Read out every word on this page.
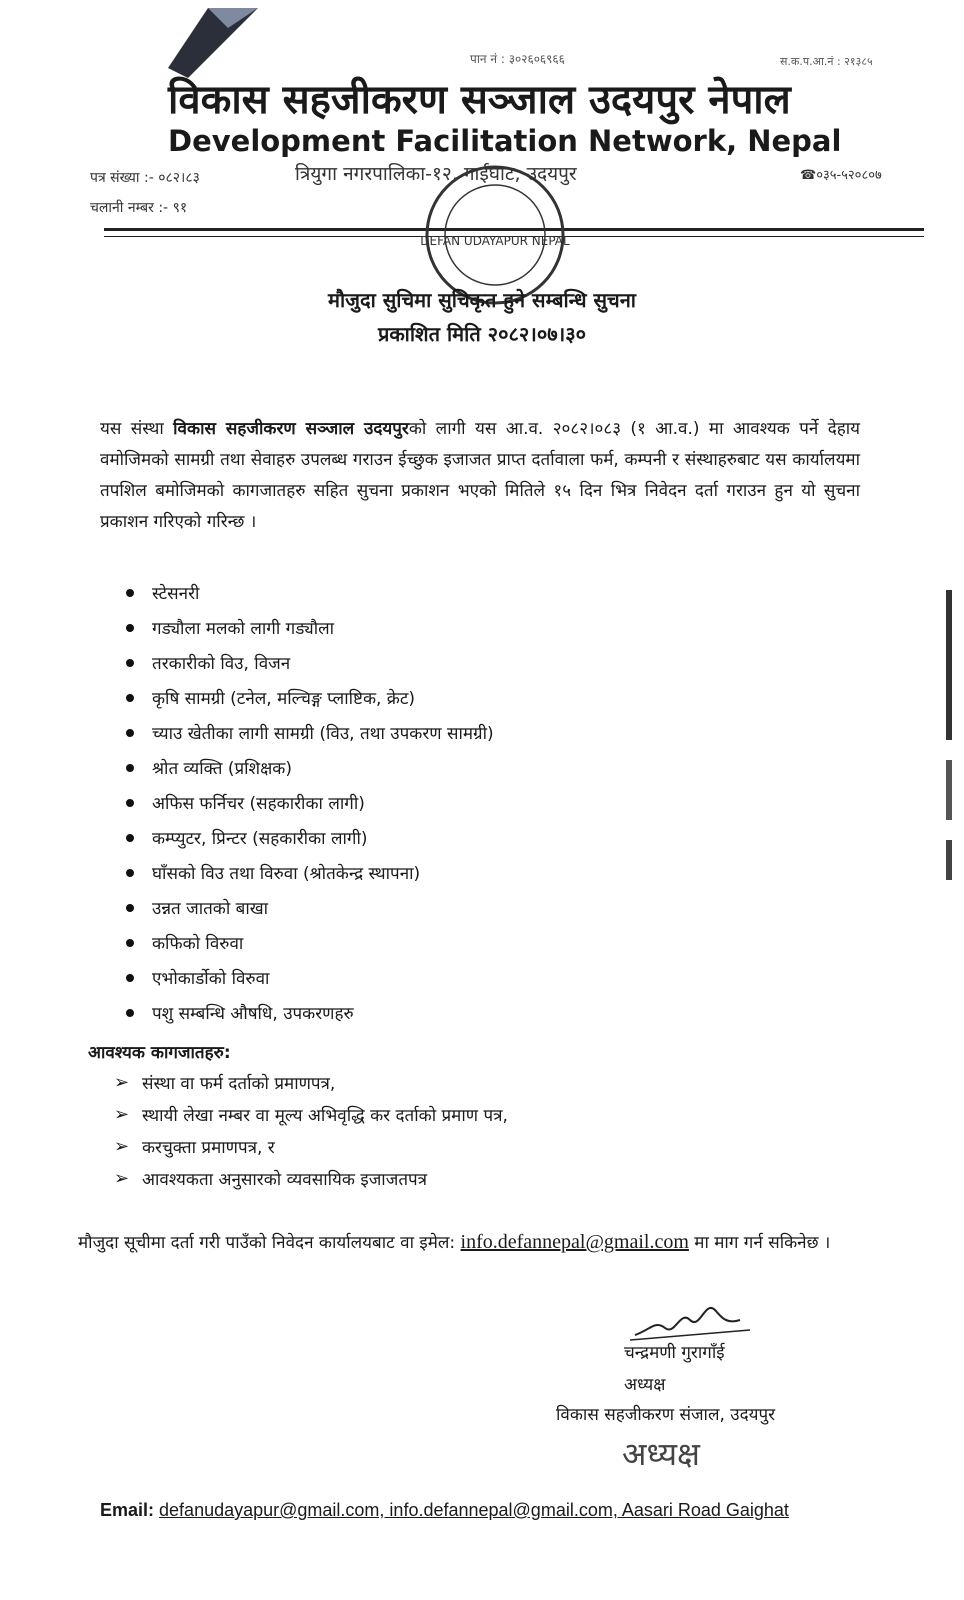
पान नं : ३०२६०६९६६	स.क.प.आ.नं : २१३८५
विकास सहजीकरण सञ्जाल उदयपुर नेपाल
Development Facilitation Network, Nepal
पत्र संख्या :- ०८२।८३
चलानी नम्बर :- ९१
त्रियुगा नगरपालिका-१२, गाईघाट, उदयपुर	☎०३५-५२०८०७
DEFAN UDAYAPUR NEPAL
मौजुदा सुचिमा सुचिकृत हुने सम्बन्धि सुचना
प्रकाशित मिति २०८२।०७।३०
यस संस्था विकास सहजीकरण सञ्जाल उदयपुरको लागी यस आ.व. २०८२।०८३ (१ आ.व.) मा आवश्यक पर्ने देहाय वमोजिमको सामग्री तथा सेवाहरु उपलब्ध गराउन ईच्छुक इजाजत प्राप्त दर्तावाला फर्म, कम्पनी र संस्थाहरुबाट यस कार्यालयमा तपशिल बमोजिमको कागजातहरु सहित सुचना प्रकाशन भएको मितिले १५ दिन भित्र निवेदन दर्ता गराउन हुन यो सुचना प्रकाशन गरिएको गरिन्छ ।
स्टेसनरी
गड्यौला मलको लागी गड्यौला
तरकारीको विउ, विजन
कृषि सामग्री (टनेल, मल्चिङ्ग प्लाष्टिक, क्रेट)
च्याउ खेतीका लागी सामग्री (विउ, तथा उपकरण सामग्री)
श्रोत व्यक्ति (प्रशिक्षक)
अफिस फर्निचर (सहकारीका लागी)
कम्प्युटर, प्रिन्टर (सहकारीका लागी)
घाँसको विउ तथा विरुवा (श्रोतकेन्द्र स्थापना)
उन्नत जातको बाखा
कफिको विरुवा
एभोकार्डोको विरुवा
पशु सम्बन्धि औषधि, उपकरणहरु
आवश्यक कागजातहरु:
➢ संस्था वा फर्म दर्ताको प्रमाणपत्र,
➢ स्थायी लेखा नम्बर वा मूल्य अभिवृद्धि कर दर्ताको प्रमाण पत्र,
➢ करचुक्ता प्रमाणपत्र, र
➢ आवश्यकता अनुसारको व्यवसायिक इजाजतपत्र
मौजुदा सूचीमा दर्ता गरी पाउँको निवेदन कार्यालयबाट वा इमेल: info.defannepal@gmail.com मा माग गर्न सकिनेछ ।
चन्द्रमणी गुरागाँई
अध्यक्ष
विकास सहजीकरण संजाल, उदयपुर
अध्यक्ष
Email: defanudayapur@gmail.com, info.defannepal@gmail.com, Aasari Road Gaighat
